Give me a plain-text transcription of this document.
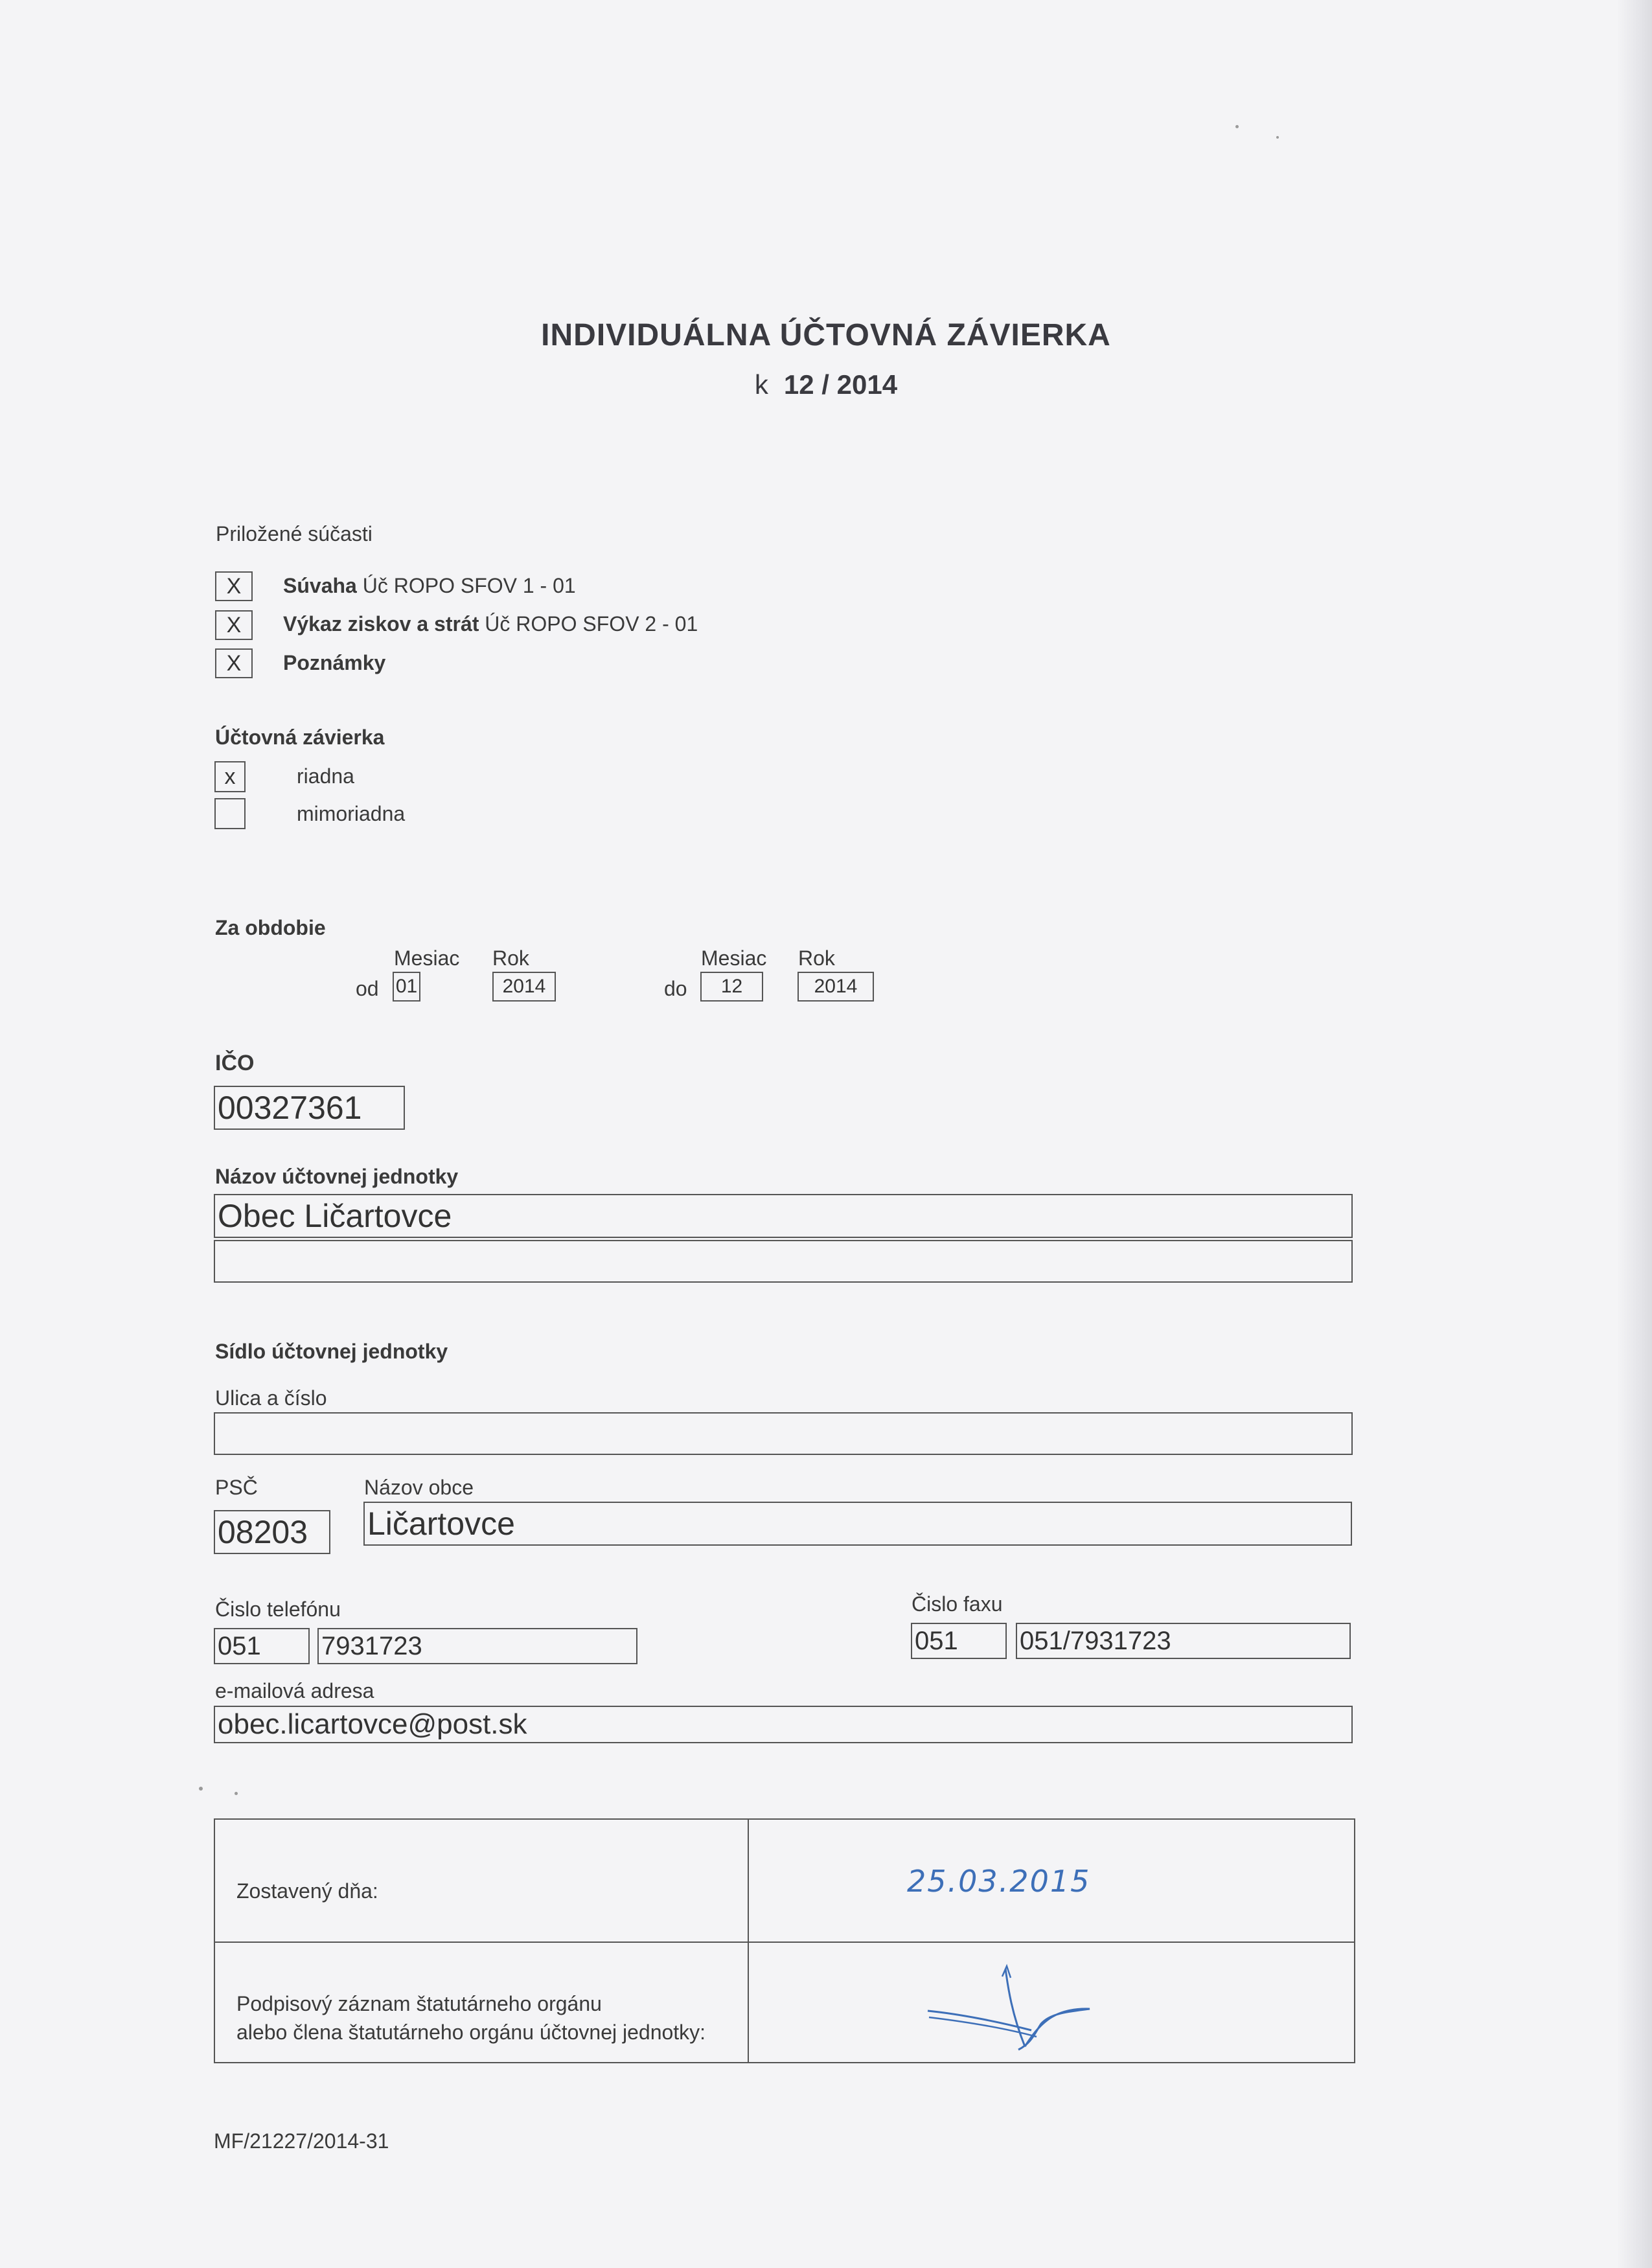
INDIVIDUÁLNA ÚČTOVNÁ ZÁVIERKA
k 12 / 2014
Priložené súčasti
X	Súvaha Úč ROPO SFOV 1 - 01
X	Výkaz ziskov a strát Úč ROPO SFOV 2 - 01
X	Poznámky
Účtovná závierka
x	riadna
mimoriadna
Za obdobie
Mesiac Rok	Mesiac Rok
od 01	2014	do	12	2014
IČO
00327361
Názov účtovnej jednotky
Obec Ličartovce
Sídlo účtovnej jednotky
Ulica a číslo
PSČ	Názov obce
08203	Ličartovce
Čislo telefónu	Čislo faxu
051	7931723	051	051/7931723
e-mailová adresa
obec.licartovce@post.sk
Zostavený dňa:	25.03.2015
Podpisový záznam štatutárneho orgánu
alebo člena štatutárneho orgánu účtovnej jednotky:
MF/21227/2014-31
